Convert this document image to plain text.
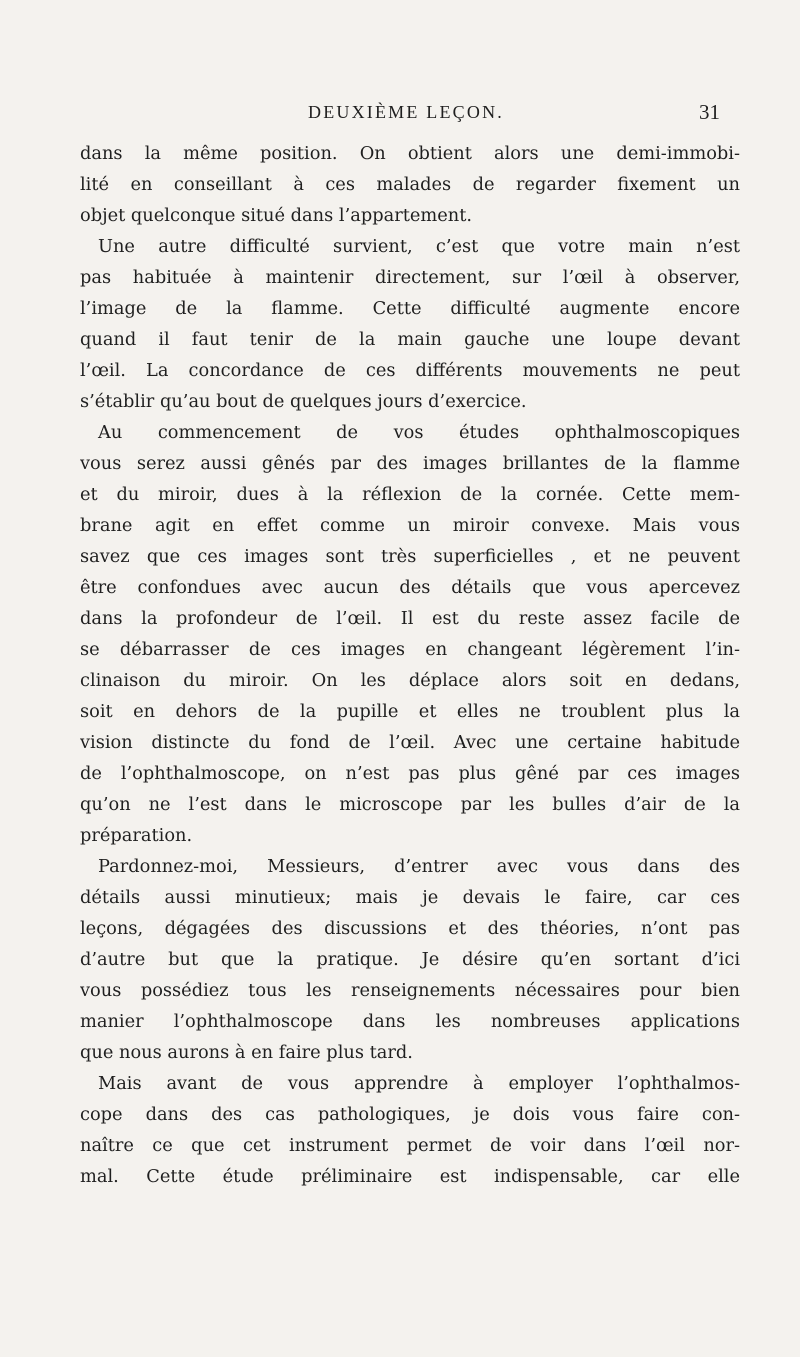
DEUXIÈME LEÇON.	31
dans la même position. On obtient alors une demi-immobi-
lité en conseillant à ces malades de regarder fixement un
objet quelconque situé dans l’appartement.
Une autre difficulté survient, c’est que votre main n’est
pas habituée à maintenir directement, sur l’œil à observer,
l’image de la flamme. Cette difficulté augmente encore
quand il faut tenir de la main gauche une loupe devant
l’œil. La concordance de ces différents mouvements ne peut
s’établir qu’au bout de quelques jours d’exercice.
Au commencement de vos études ophthalmoscopiques
vous serez aussi gênés par des images brillantes de la flamme
et du miroir, dues à la réflexion de la cornée. Cette mem-
brane agit en effet comme un miroir convexe. Mais vous
savez que ces images sont très superficielles , et ne peuvent
être confondues avec aucun des détails que vous apercevez
dans la profondeur de l’œil. Il est du reste assez facile de
se débarrasser de ces images en changeant légèrement l’in-
clinaison du miroir. On les déplace alors soit en dedans,
soit en dehors de la pupille et elles ne troublent plus la
vision distincte du fond de l’œil. Avec une certaine habitude
de l’ophthalmoscope, on n’est pas plus gêné par ces images
qu’on ne l’est dans le microscope par les bulles d’air de la
préparation.
Pardonnez-moi, Messieurs, d’entrer avec vous dans des
détails aussi minutieux; mais je devais le faire, car ces
leçons, dégagées des discussions et des théories, n’ont pas
d’autre but que la pratique. Je désire qu’en sortant d’ici
vous possédiez tous les renseignements nécessaires pour bien
manier l’ophthalmoscope dans les nombreuses applications
que nous aurons à en faire plus tard.
Mais avant de vous apprendre à employer l’ophthalmos-
cope dans des cas pathologiques, je dois vous faire con-
naître ce que cet instrument permet de voir dans l’œil nor-
mal. Cette étude préliminaire est indispensable, car elle
